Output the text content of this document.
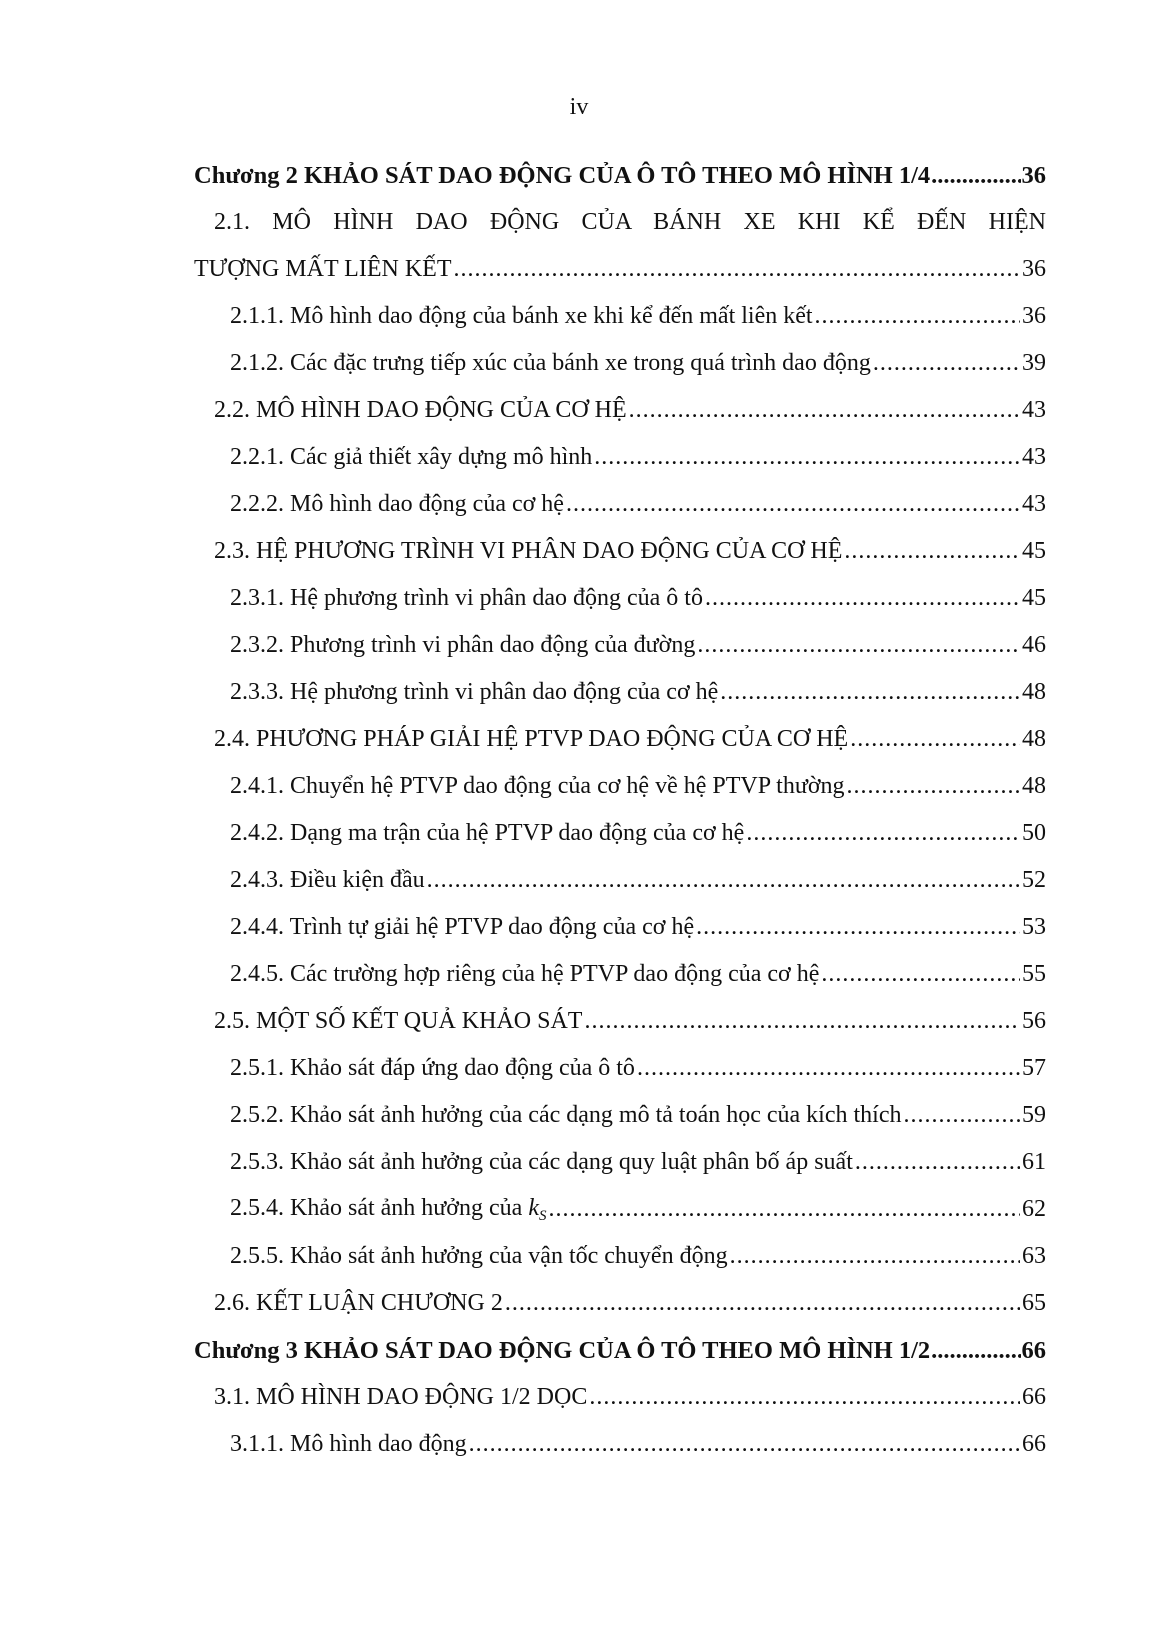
iv
Chương 2 KHẢO SÁT DAO ĐỘNG CỦA Ô TÔ THEO MÔ HÌNH 1/4 .....	36
2.1. MÔ HÌNH DAO ĐỘNG CỦA BÁNH XE KHI KỂ ĐẾN HIỆN
TƯỢNG MẤT LIÊN KẾT .....	36
2.1.1. Mô hình dao động của bánh xe khi kể đến mất liên kết .....	36
2.1.2. Các đặc trưng tiếp xúc của bánh xe trong quá trình dao động .....	39
2.2. MÔ HÌNH DAO ĐỘNG CỦA CƠ HỆ .....	43
2.2.1. Các giả thiết xây dựng mô hình .....	43
2.2.2. Mô hình dao động của cơ hệ .....	43
2.3. HỆ PHƯƠNG TRÌNH VI PHÂN DAO ĐỘNG CỦA CƠ HỆ .....	45
2.3.1. Hệ phương trình vi phân dao động của ô tô .....	45
2.3.2. Phương trình vi phân dao động của đường .....	46
2.3.3. Hệ phương trình vi phân dao động của cơ hệ .....	48
2.4. PHƯƠNG PHÁP GIẢI HỆ PTVP DAO ĐỘNG CỦA CƠ HỆ .....	48
2.4.1. Chuyển hệ PTVP dao động của cơ hệ về hệ PTVP thường .....	48
2.4.2. Dạng ma trận của hệ PTVP dao động của cơ hệ .....	50
2.4.3. Điều kiện đầu .....	52
2.4.4. Trình tự giải hệ PTVP dao động của cơ hệ .....	53
2.4.5. Các trường hợp riêng của hệ PTVP dao động của cơ hệ .....	55
2.5. MỘT SỐ KẾT QUẢ KHẢO SÁT .....	56
2.5.1. Khảo sát đáp ứng dao động của ô tô .....	57
2.5.2. Khảo sát ảnh hưởng của các dạng mô tả toán học của kích thích .....	59
2.5.3. Khảo sát ảnh hưởng của các dạng quy luật phân bố áp suất .....	61
2.5.4. Khảo sát ảnh hưởng của $k_S$ .....	62
2.5.5. Khảo sát ảnh hưởng của vận tốc chuyển động .....	63
2.6. KẾT LUẬN CHƯƠNG 2 .....	65
Chương 3 KHẢO SÁT DAO ĐỘNG CỦA Ô TÔ THEO MÔ HÌNH 1/2 .....	66
3.1. MÔ HÌNH DAO ĐỘNG 1/2 DỌC .....	66
3.1.1. Mô hình dao động .....	66
